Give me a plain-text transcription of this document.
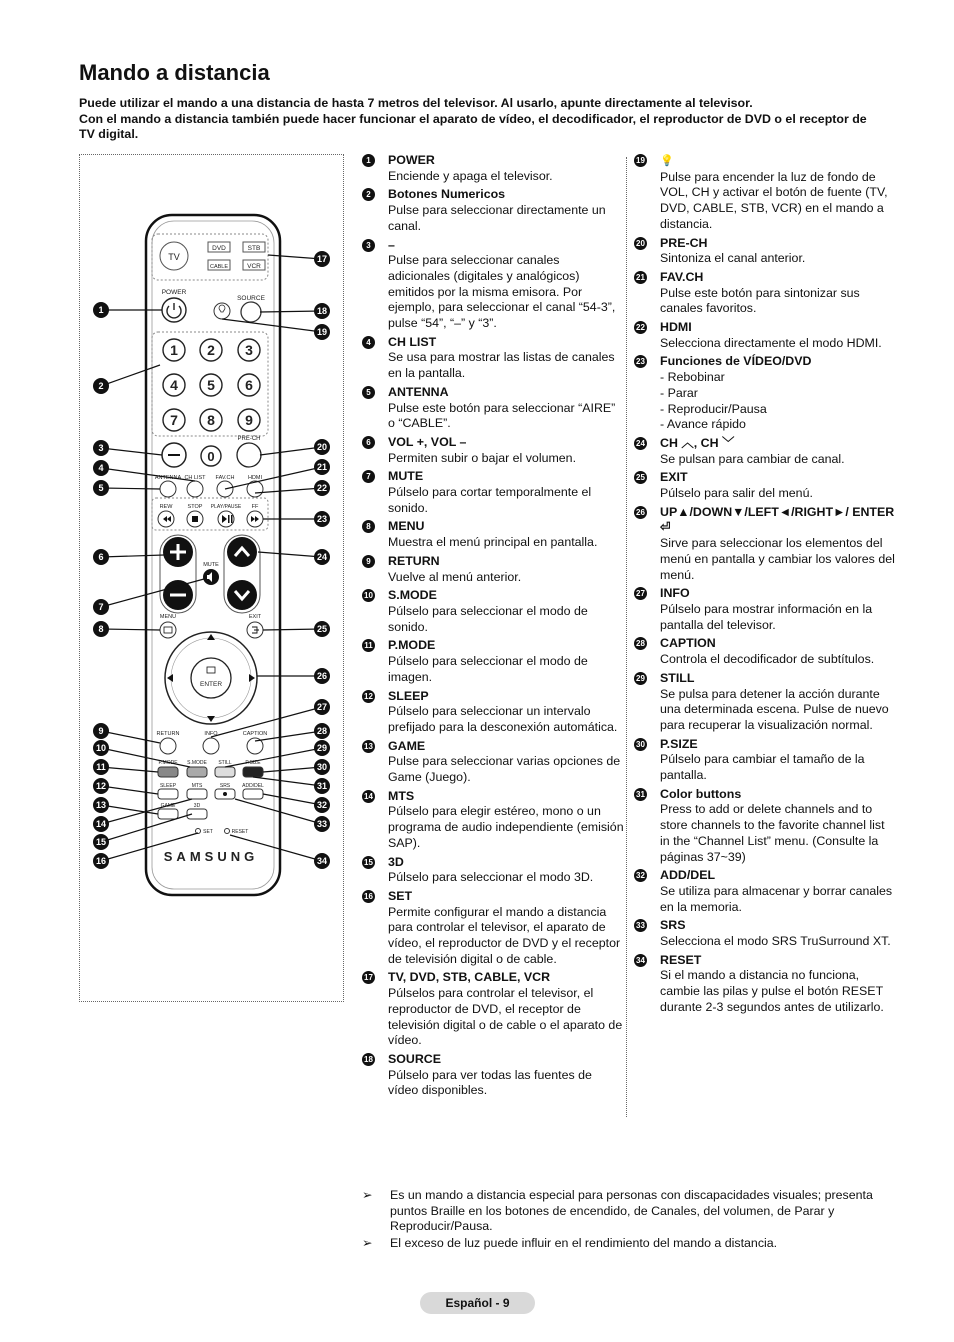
Mando a distancia

Puede utilizar el mando a una distancia de hasta 7 metros del televisor. Al usarlo, apunte directamente al televisor.

Con el mando a distancia también puede hacer funcionar el aparato de vídeo, el decodificador, el reproductor de DVD o el receptor de TV digital.

TV
DVD	STB
CABLE	VCR
POWER
SOURCE
1 2 3
4 5 6
7 8 9
0
PRE-CH
ANTENNA CH LIST FAV.CH HDMI
REW	STOP PLAY/PAUSE FF
MUTE
MENU	EXIT
ENTER
RETURN	INFO	CAPTION
P.MODE S.MODE STILL	P.SIZE
SLEEP	MTS	SRS ADD/DEL
GAME	3D
SET	RESET
SAMSUNG
1
2
3
4
5
6
7
8
9
10
11
12
13
14
15
16
17
18
19
20
21
22
23
24
25
26
27
28
29
30
31
32
33
34
1	POWER
Enciende y apaga el televisor.
2	Botones Numericos
Pulse para seleccionar directamente un canal.
3	–
Pulse para seleccionar canales adicionales (digitales y analógicos) emitidos por la misma emisora. Por ejemplo, para seleccionar el canal “54-3”, pulse “54”, “–” y “3”.
4	CH LIST
Se usa para mostrar las listas de canales en la pantalla.
5	ANTENNA
Pulse este botón para seleccionar “AIRE” o “CABLE”.
6	VOL +, VOL –
Permiten subir o bajar el volumen.
7	MUTE
Púlselo para cortar temporalmente el sonido.
8	MENU
Muestra el menú principal en pantalla.
9	RETURN
Vuelve al menú anterior.
10 S.MODE
Púlselo para seleccionar el modo de sonido.
11 P.MODE
Púlselo para seleccionar el modo de imagen.
12 SLEEP
Púlselo para seleccionar un intervalo prefijado para la desconexión automática.
13 GAME
Pulse para seleccionar varias opciones de Game (Juego).
14 MTS
Púlselo para elegir estéreo, mono o un programa de audio independiente (emisión SAP).
15 3D
Púlselo para seleccionar el modo 3D.
16 SET
Permite configurar el mando a distancia para controlar el televisor, el aparato de vídeo, el reproductor de DVD y el receptor de televisión digital o de cable.
17 TV, DVD, STB, CABLE, VCR
Púlselos para controlar el televisor, el reproductor de DVD, el receptor de televisión digital o de cable o el aparato de vídeo.
18 SOURCE
Púlselo para ver todas las fuentes de vídeo disponibles.
19 💡
Pulse para encender la luz de fondo de VOL, CH y activar el botón de fuente (TV, DVD, CABLE, STB, VCR) en el mando a distancia.
20 PRE-CH
Sintoniza el canal anterior.
21 FAV.CH
Pulse este botón para sintonizar sus canales favoritos.
22 HDMI
Selecciona directamente el modo HDMI.
23 Funciones de VÍDEO/DVD
- Rebobinar
- Parar
- Reproducir/Pausa
- Avance rápido
24 CH ︿, CH ﹀
Se pulsan para cambiar de canal.
25 EXIT
Púlselo para salir del menú.
26 UP▲/DOWN▼/LEFT◄/RIGHT►/ ENTER ⏎
Sirve para seleccionar los elementos del menú en pantalla y cambiar los valores del menú.
27 INFO
Púlselo para mostrar información en la pantalla del televisor.
28 CAPTION
Controla el decodificador de subtítulos.
29 STILL
Se pulsa para detener la acción durante una determinada escena. Pulse de nuevo para recuperar la visualización normal.
30 P.SIZE
Púlselo para cambiar el tamaño de la pantalla.
31 Color buttons
Press to add or delete channels and to store channels to the favorite channel list in the “Channel List” menu. (Consulte la páginas 37~39)
32 ADD/DEL
Se utiliza para almacenar y borrar canales en la memoria.
33 SRS
Selecciona el modo SRS TruSurround XT.
34 RESET
Si el mando a distancia no funciona, cambie las pilas y pulse el botón RESET durante 2-3 segundos antes de utilizarlo.
➢ Es un mando a distancia especial para personas con discapacidades visuales; presenta puntos Braille en los botones de encendido, de Canales, del volumen, de Parar y Reproducir/Pausa.
➢ El exceso de luz puede influir en el rendimiento del mando a distancia.
Español - 9
